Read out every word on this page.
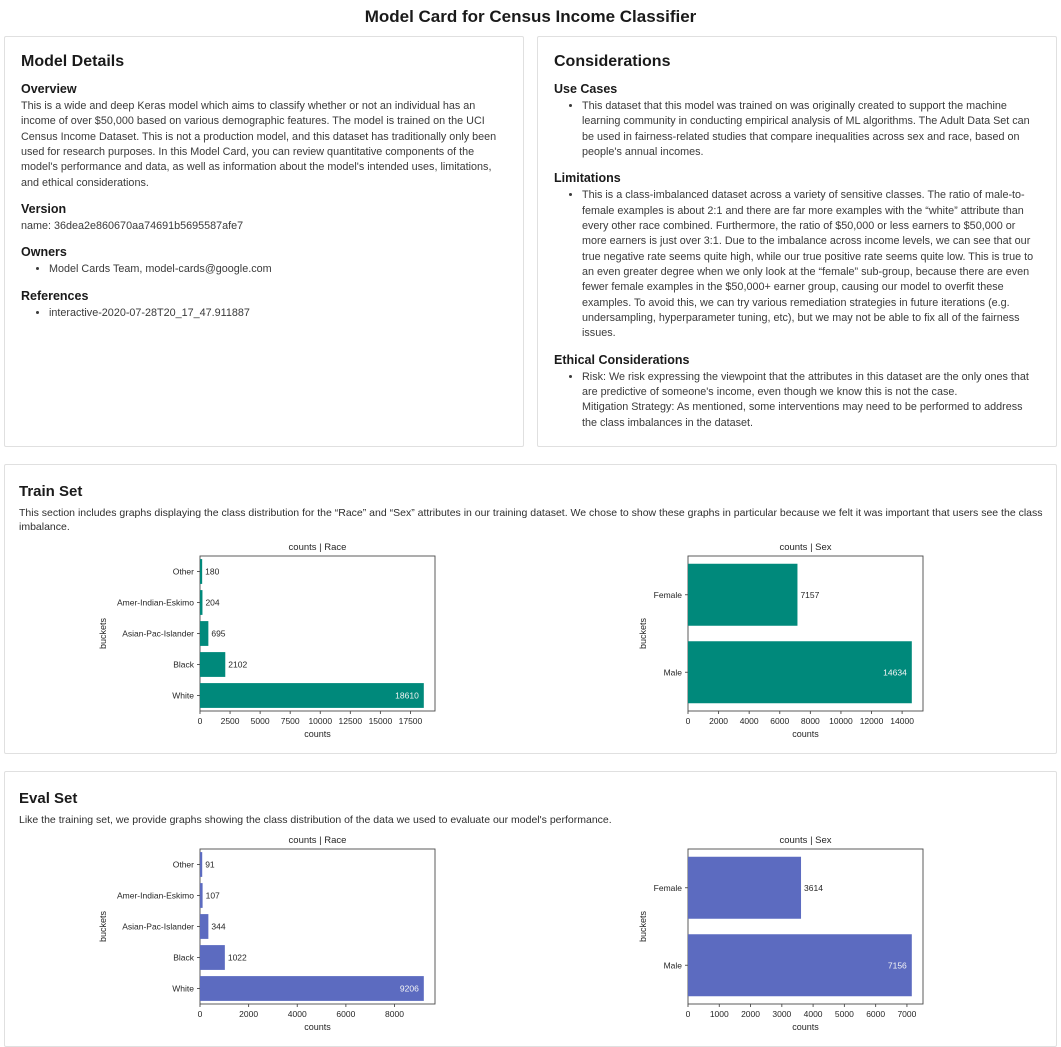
Model Card for Census Income Classifier
Model Details
Overview

This is a wide and deep Keras model which aims to classify whether or not an individual has an income of over $50,000 based on various demographic features. The model is trained on the UCI Census Income Dataset. This is not a production model, and this dataset has traditionally only been used for research purposes. In this Model Card, you can review quantitative components of the model's performance and data, as well as information about the model's intended uses, limitations, and ethical considerations.

Version

name: 36dea2e860670aa74691b5695587afe7

Owners
• Model Cards Team, model-cards@google.com
References
• interactive-2020-07-28T20_17_47.911887
Considerations
Use Cases
• This dataset that this model was trained on was originally created to support the machine learning community in conducting empirical analysis of ML algorithms. The Adult Data Set can be used in fairness-related studies that compare inequalities across sex and race, based on people's annual incomes.
Limitations
• This is a class-imbalanced dataset across a variety of sensitive classes. The ratio of male-to-female examples is about 2:1 and there are far more examples with the “white” attribute than every other race combined. Furthermore, the ratio of $50,000 or less earners to $50,000 or more earners is just over 3:1. Due to the imbalance across income levels, we can see that our true negative rate seems quite high, while our true positive rate seems quite low. This is true to an even greater degree when we only look at the “female” sub-group, because there are even fewer female examples in the $50,000+ earner group, causing our model to overfit these examples. To avoid this, we can try various remediation strategies in future iterations (e.g. undersampling, hyperparameter tuning, etc), but we may not be able to fix all of the fairness issues.
Ethical Considerations
• Risk: We risk expressing the viewpoint that the attributes in this dataset are the only ones that are predictive of someone's income, even though we know this is not the case.
Mitigation Strategy: As mentioned, some interventions may need to be performed to address the class imbalances in the dataset.
Train Set

This section includes graphs displaying the class distribution for the “Race” and “Sex” attributes in our training dataset. We chose to show these graphs in particular because we felt it was important that users see the class imbalance.

counts | Race
Other 180
Amer-Indian-Eskimo 204
Asian-Pac-Islander 695
Black	2102
White	18610
0 2500 5000 7500 10000 12500 15000 17500
counts
buckets
counts | Sex
Female	7157
Male	14634
0 2000 4000 6000 8000 10000 12000 14000
counts
buckets
Eval Set

Like the training set, we provide graphs showing the class distribution of the data we used to evaluate our model's performance.

counts | Race
Other 91
Amer-Indian-Eskimo 107
Asian-Pac-Islander 344
Black	1022
White	9206
0	2000	4000	6000	8000
counts
buckets
counts | Sex
Female	3614
Male	7156
0 1000 2000 3000 4000 5000 6000 7000
counts
buckets
